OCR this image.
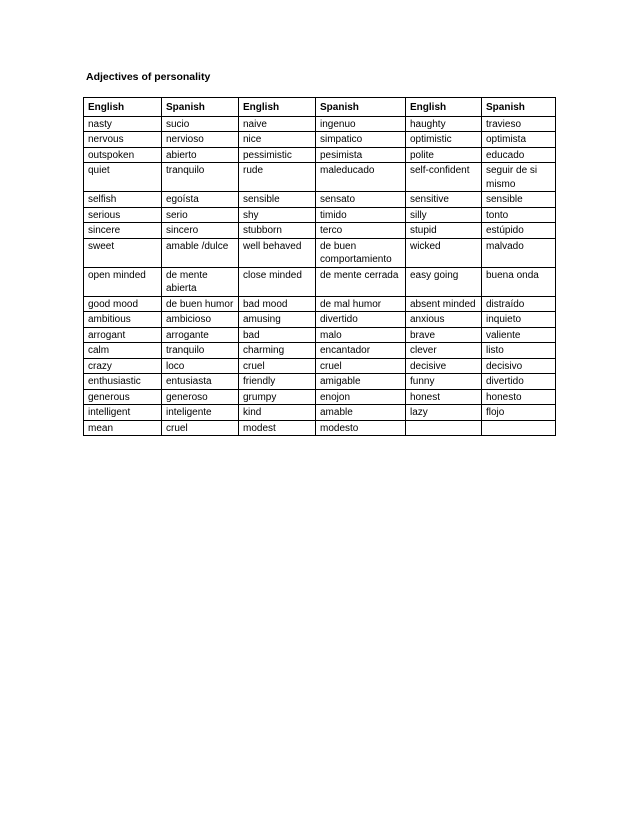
Adjectives of personality
English	Spanish	English	Spanish	English	Spanish
nasty	sucio	naive	ingenuo	haughty	travieso
nervous	nervioso	nice	simpatico	optimistic	optimista
outspoken	abierto	pessimistic	pesimista	polite	educado
quiet	tranquilo	rude	maleducado	self-confident	seguir de si mismo
selfish	egoísta	sensible	sensato	sensitive	sensible
serious	serio	shy	timido	silly	tonto
sincere	sincero	stubborn	terco	stupid	estúpido
sweet	amable /dulce	well behaved	de buen comportamiento	wicked	malvado
open minded	de mente abierta	close minded	de mente cerrada	easy going	buena onda
good mood	de buen humor	bad mood	de mal humor	absent minded	distraído
ambitious	ambicioso	amusing	divertido	anxious	inquieto
arrogant	arrogante	bad	malo	brave	valiente
calm	tranquilo	charming	encantador	clever	listo
crazy	loco	cruel	cruel	decisive	decisivo
enthusiastic	entusiasta	friendly	amigable	funny	divertido
generous	generoso	grumpy	enojon	honest	honesto
intelligent	inteligente	kind	amable	lazy	flojo
mean	cruel	modest	modesto		
